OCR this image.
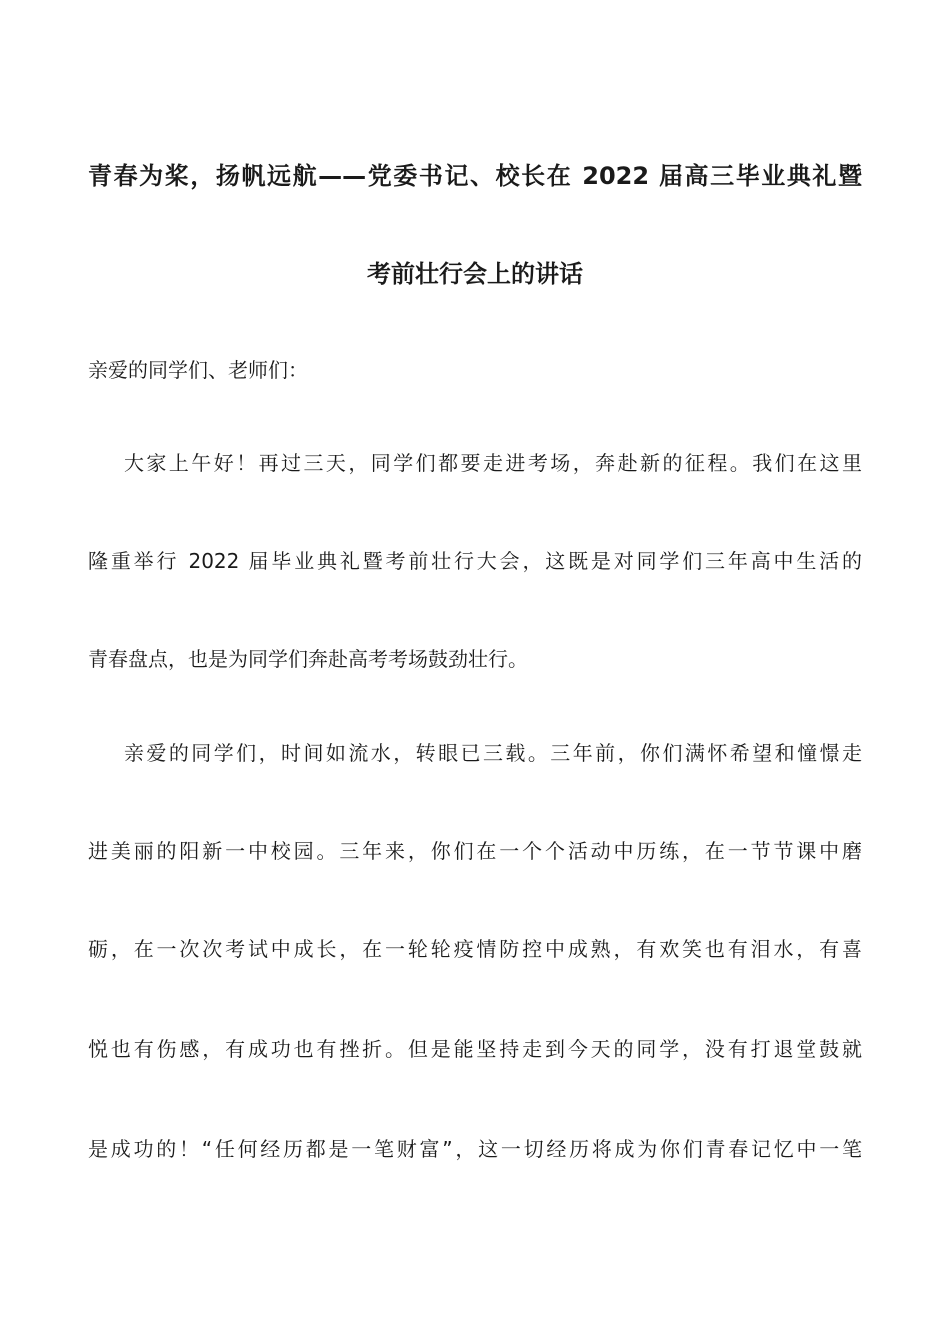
青春为桨，扬帆远航——党委书记、校长在 2022 届高三毕业典礼暨
考前壮行会上的讲话
亲爱的同学们、老师们：
大家上午好！再过三天，同学们都要走进考场，奔赴新的征程。我们在这里
隆重举行 2022 届毕业典礼暨考前壮行大会，这既是对同学们三年高中生活的
青春盘点，也是为同学们奔赴高考考场鼓劲壮行。
亲爱的同学们，时间如流水，转眼已三载。三年前，你们满怀希望和憧憬走
进美丽的阳新一中校园。三年来，你们在一个个活动中历练，在一节节课中磨
砺，在一次次考试中成长，在一轮轮疫情防控中成熟，有欢笑也有泪水，有喜
悦也有伤感，有成功也有挫折。但是能坚持走到今天的同学，没有打退堂鼓就
是成功的！“任何经历都是一笔财富”，这一切经历将成为你们青春记忆中一笔
